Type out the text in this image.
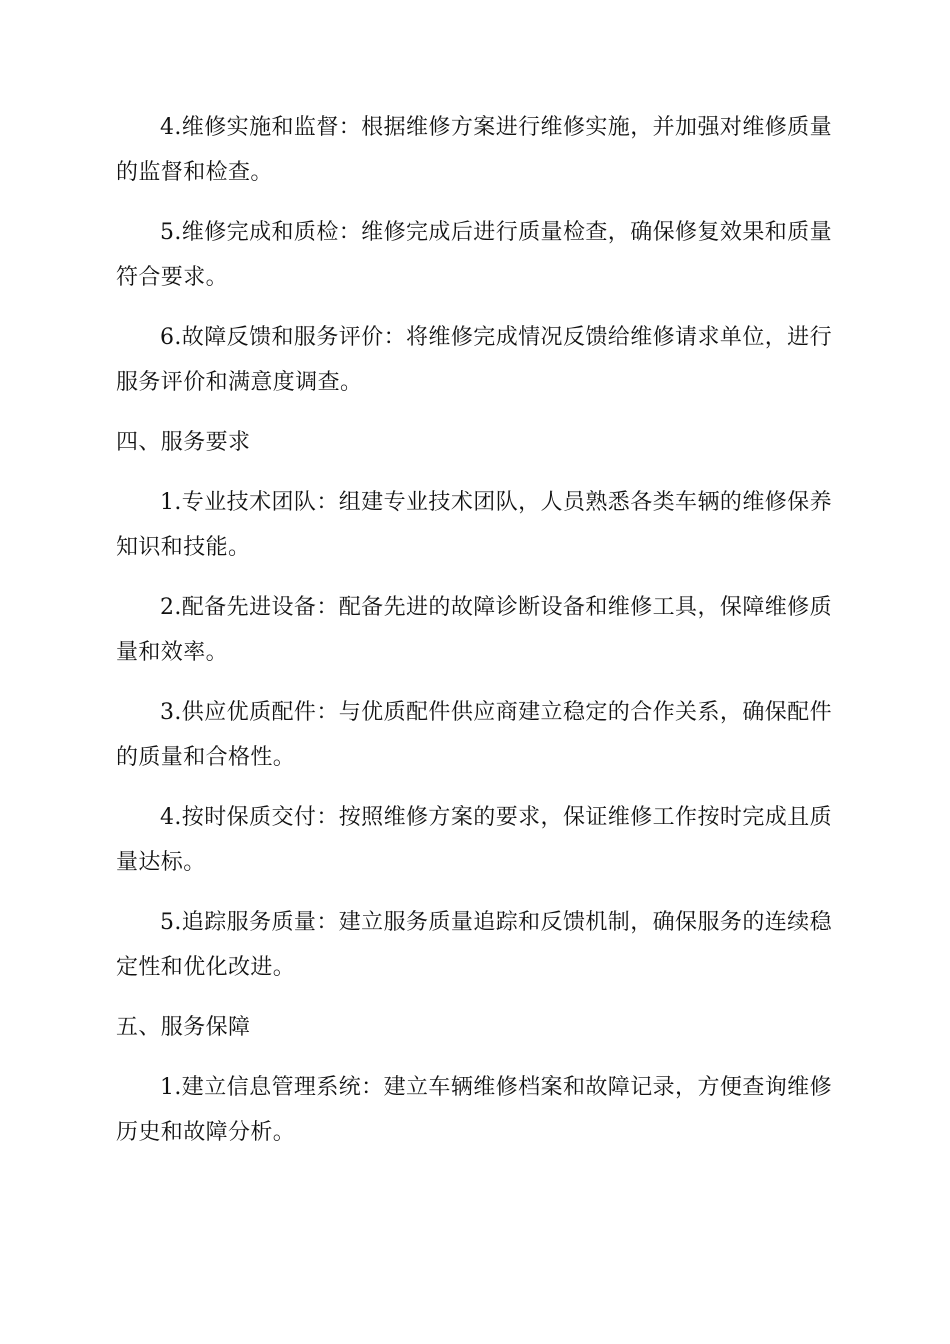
4.维修实施和监督：根据维修方案进行维修实施，并加强对维修质量的监督和检查。

5.维修完成和质检：维修完成后进行质量检查，确保修复效果和质量符合要求。

6.故障反馈和服务评价：将维修完成情况反馈给维修请求单位，进行服务评价和满意度调查。

四、服务要求

1.专业技术团队：组建专业技术团队，人员熟悉各类车辆的维修保养知识和技能。

2.配备先进设备：配备先进的故障诊断设备和维修工具，保障维修质量和效率。

3.供应优质配件：与优质配件供应商建立稳定的合作关系，确保配件的质量和合格性。

4.按时保质交付：按照维修方案的要求，保证维修工作按时完成且质量达标。

5.追踪服务质量：建立服务质量追踪和反馈机制，确保服务的连续稳定性和优化改进。

五、服务保障

1.建立信息管理系统：建立车辆维修档案和故障记录，方便查询维修历史和故障分析。
